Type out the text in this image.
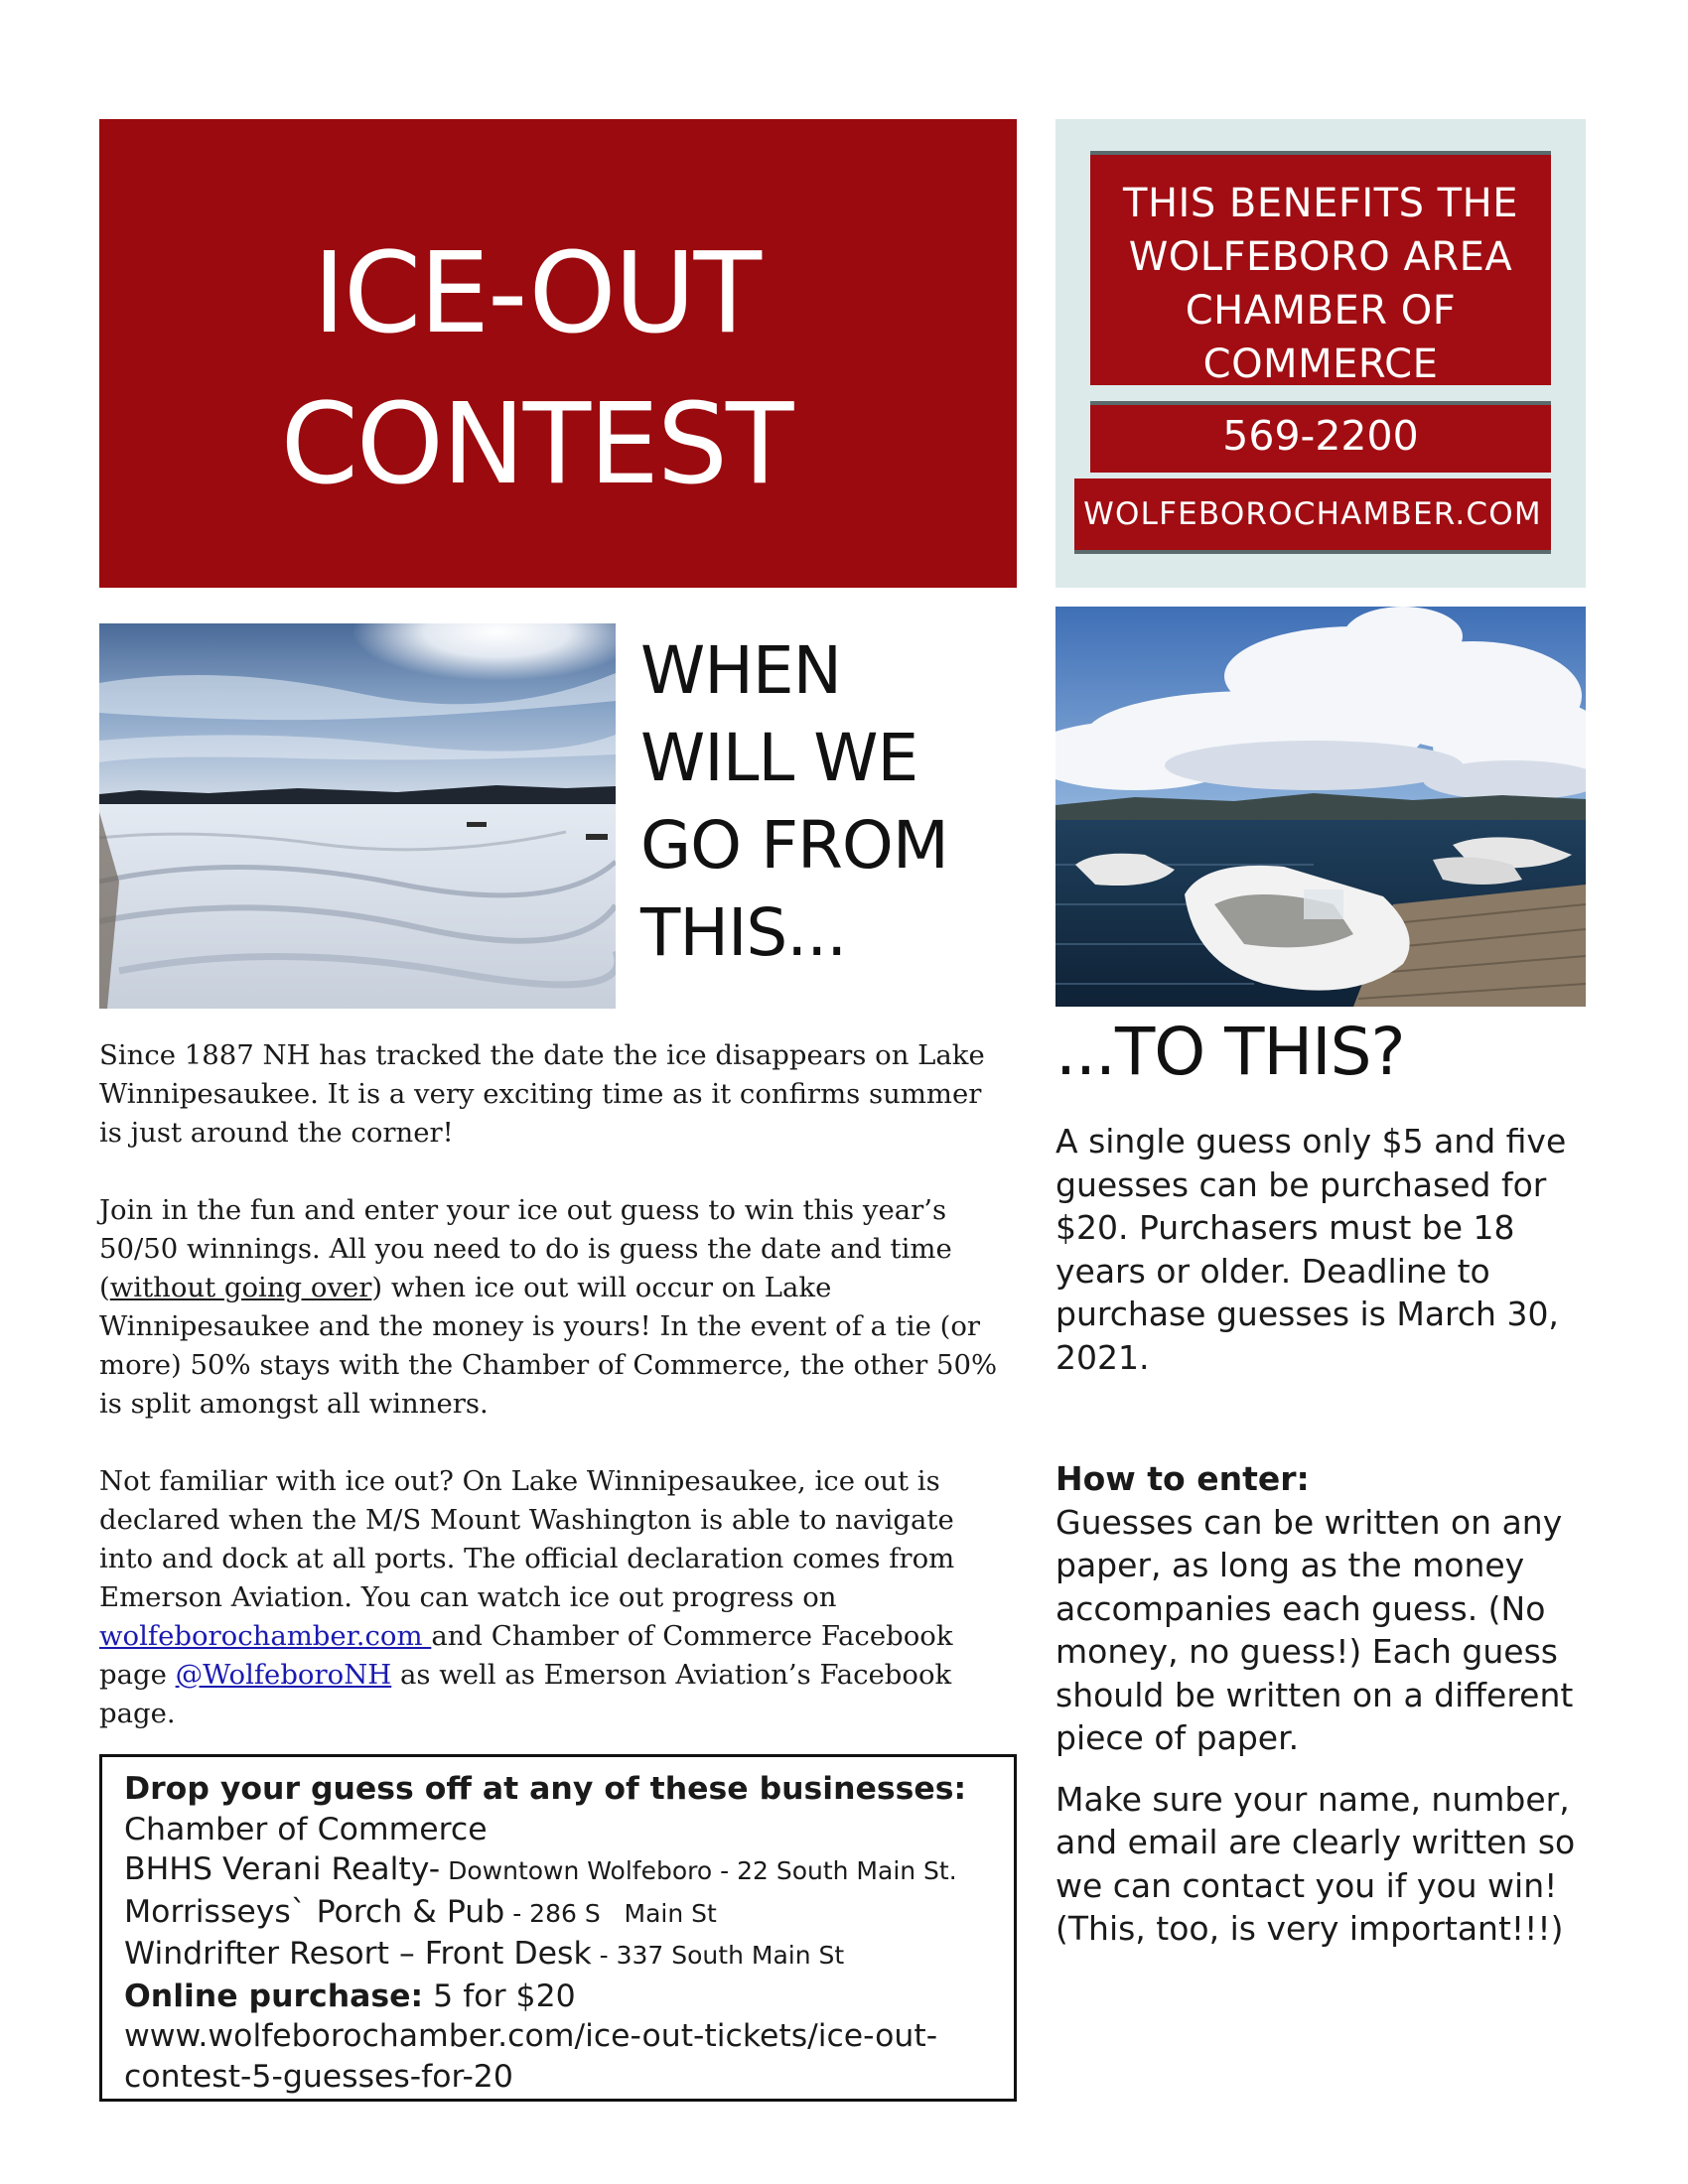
ICE-OUT
CONTEST
THIS BENEFITS THE
WOLFEBORO AREA
CHAMBER OF
COMMERCE
569-2200
WOLFEBOROCHAMBER.COM
WHEN
WILL WE
GO FROM
THIS...
...TO THIS?

Since 1887 NH has tracked the date the ice disappears on Lake Winnipesaukee. It is a very exciting time as it confirms summer is just around the corner!

Join in the fun and enter your ice out guess to win this year’s 50/50 winnings. All you need to do is guess the date and time (without going over) when ice out will occur on Lake Winnipesaukee and the money is yours! In the event of a tie (or more) 50% stays with the Chamber of Commerce, the other 50% is split amongst all winners.

Not familiar with ice out? On Lake Winnipesaukee, ice out is declared when the M/S Mount Washington is able to navigate into and dock at all ports. The official declaration comes from Emerson Aviation. You can watch ice out progress on wolfeborochamber.com and Chamber of Commerce Facebook page @WolfeboroNH as well as Emerson Aviation’s Facebook page.

A single guess only $5 and five guesses can be purchased for $20. Purchasers must be 18 years or older. Deadline to purchase guesses is March 30, 2021.

How to enter:

Guesses can be written on any paper, as long as the money accompanies each guess. (No money, no guess!) Each guess should be written on a different piece of paper.

Make sure your name, number, and email are clearly written so we can contact you if you win! (This, too, is very important!!!)

Drop your guess off at any of these businesses:
Chamber of Commerce
BHHS Verani Realty- Downtown Wolfeboro - 22 South Main St.
Morrisseys` Porch & Pub - 286 S   Main St
Windrifter Resort – Front Desk - 337 South Main St
Online purchase: 5 for $20
www.wolfeborochamber.com/ice-out-tickets/ice-out-
contest-5-guesses-for-20
